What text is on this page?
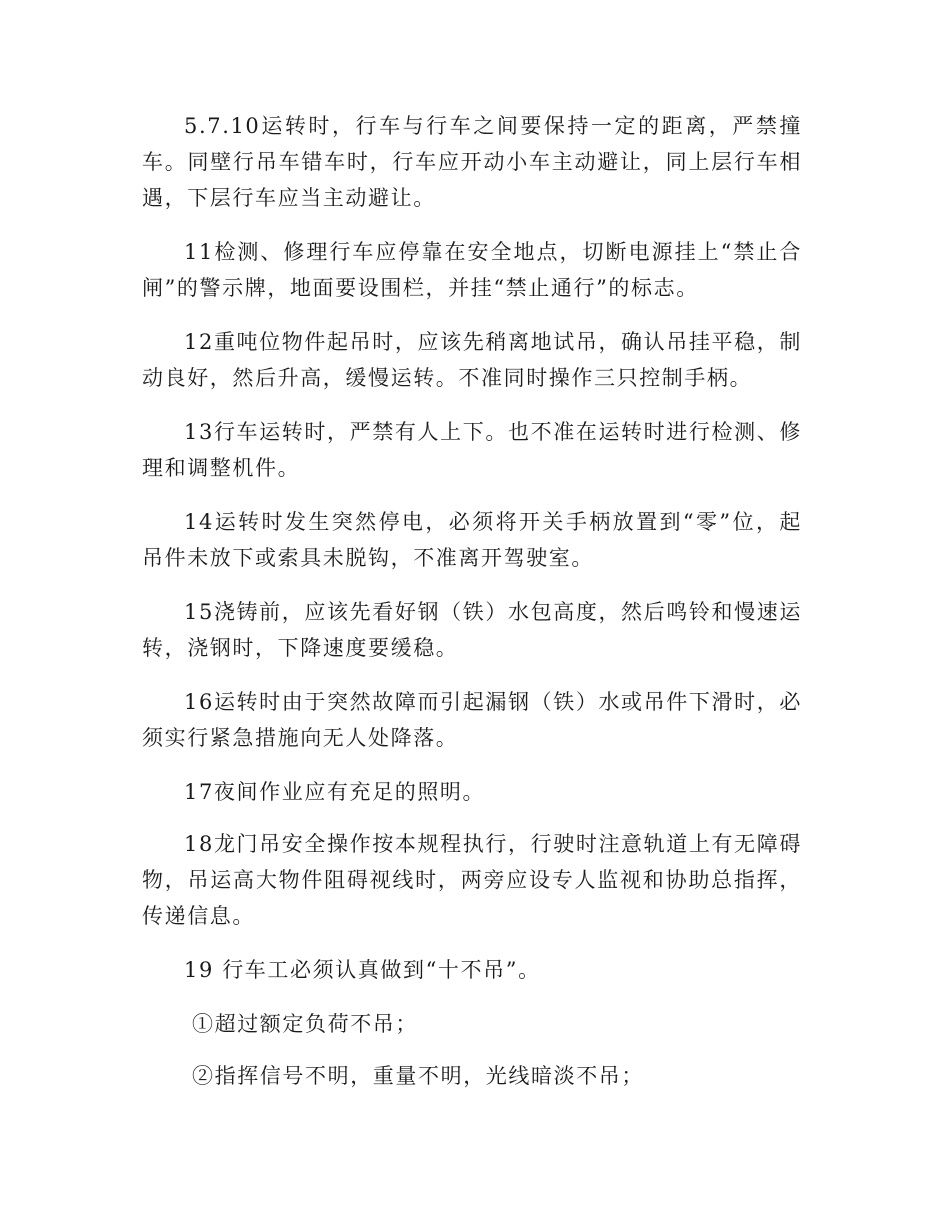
5.7.10运转时，行车与行车之间要保持一定的距离，严禁撞车。同壁行吊车错车时，行车应开动小车主动避让，同上层行车相遇，下层行车应当主动避让。

11检测、修理行车应停靠在安全地点，切断电源挂上“禁止合闸”的警示牌，地面要设围栏，并挂“禁止通行”的标志。

12重吨位物件起吊时，应该先稍离地试吊，确认吊挂平稳，制动良好，然后升高，缓慢运转。不准同时操作三只控制手柄。

13行车运转时，严禁有人上下。也不准在运转时进行检测、修理和调整机件。

14运转时发生突然停电，必须将开关手柄放置到“零”位，起吊件未放下或索具未脱钩，不准离开驾驶室。

15浇铸前，应该先看好钢（铁）水包高度，然后鸣铃和慢速运转，浇钢时，下降速度要缓稳。

16运转时由于突然故障而引起漏钢（铁）水或吊件下滑时，必须实行紧急措施向无人处降落。

17夜间作业应有充足的照明。

18龙门吊安全操作按本规程执行，行驶时注意轨道上有无障碍物，吊运高大物件阻碍视线时，两旁应设专人监视和协助总指挥，传递信息。

19 行车工必须认真做到“十不吊”。

①超过额定负荷不吊；

②指挥信号不明，重量不明，光线暗淡不吊；
